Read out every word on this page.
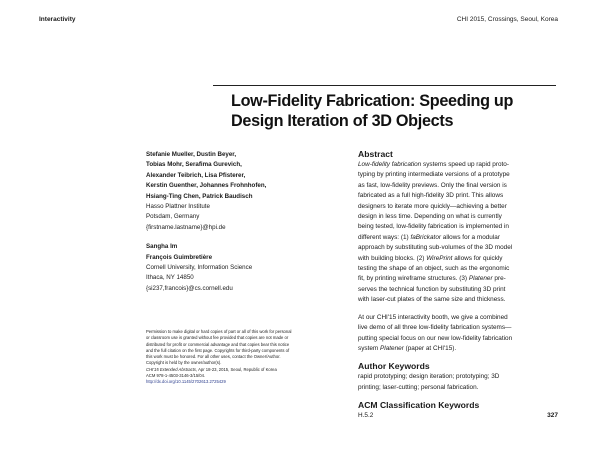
Interactivity	CHI 2015, Crossings, Seoul, Korea
Low-Fidelity Fabrication: Speeding up
Design Iteration of 3D Objects
Stefanie Mueller, Dustin Beyer,
Tobias Mohr, Serafima Gurevich,
Alexander Teibrich, Lisa Pfisterer,
Kerstin Guenther, Johannes Frohnhofen,
Hsiang-Ting Chen, Patrick Baudisch
Hasso Plattner Institute
Potsdam, Germany
{firstname.lastname}@hpi.de
Sangha Im
François Guimbretière
Cornell University, Information Science
Ithaca, NY 14850
{si237,francois}@cs.cornell.edu
Abstract
Low-fidelity fabrication systems speed up rapid proto-
typing by printing intermediate versions of a prototype
as fast, low-fidelity previews. Only the final version is
fabricated as a full high-fidelity 3D print. This allows
designers to iterate more quickly—achieving a better
design in less time. Depending on what is currently
being tested, low-fidelity fabrication is implemented in
different ways: (1) faBrickator allows for a modular
approach by substituting sub-volumes of the 3D model
with building blocks. (2) WirePrint allows for quickly
testing the shape of an object, such as the ergonomic
fit, by printing wireframe structures. (3) Platener pre-
serves the technical function by substituting 3D print
with laser-cut plates of the same size and thickness.
At our CHI'15 interactivity booth, we give a combined
live demo of all three low-fidelity fabrication systems—
putting special focus on our new low-fidelity fabrication
system Platener (paper at CHI'15).
Author Keywords
rapid prototyping; design iteration; prototyping; 3D
printing; laser-cutting; personal fabrication.
ACM Classification Keywords
H.5.2
Permission to make digital or hard copies of part or all of this work for personal
or classroom use is granted without fee provided that copies are not made or
distributed for profit or commercial advantage and that copies bear this notice
and the full citation on the first page. Copyrights for third-party components of
this work must be honored. For all other uses, contact the Owner/Author.
Copyright is held by the owner/author(s).
CHI'15 Extended Abstracts, Apr 18-23, 2015, Seoul, Republic of Korea
ACM 978-1-4503-3146-3/15/04.
http://dx.doi.org/10.1145/2702613.2725429
327
